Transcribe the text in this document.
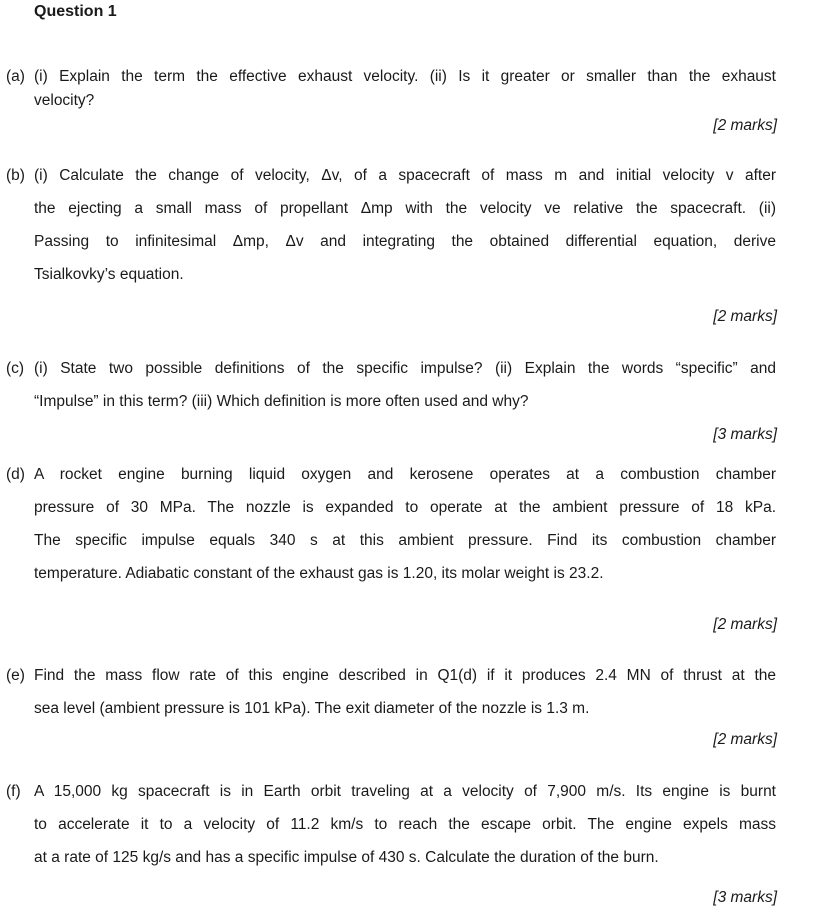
Question 1
(a) (i) Explain the term the effective exhaust velocity. (ii) Is it greater or smaller than the exhaust
velocity?
[2 marks]
(b) (i) Calculate the change of velocity, Δv, of a spacecraft of mass m and initial velocity v after
the ejecting a small mass of propellant Δmp with the velocity ve relative the spacecraft. (ii)
Passing to infinitesimal Δmp, Δv and integrating the obtained differential equation, derive
Tsialkovky’s equation.
[2 marks]
(c) (i) State two possible definitions of the specific impulse? (ii) Explain the words “specific” and
“Impulse” in this term? (iii) Which definition is more often used and why?
[3 marks]
(d) A rocket engine burning liquid oxygen and kerosene operates at a combustion chamber
pressure of 30 MPa. The nozzle is expanded to operate at the ambient pressure of 18 kPa.
The specific impulse equals 340 s at this ambient pressure. Find its combustion chamber
temperature. Adiabatic constant of the exhaust gas is 1.20, its molar weight is 23.2.
[2 marks]
(e) Find the mass flow rate of this engine described in Q1(d) if it produces 2.4 MN of thrust at the
sea level (ambient pressure is 101 kPa). The exit diameter of the nozzle is 1.3 m.
[2 marks]
(f) A 15,000 kg spacecraft is in Earth orbit traveling at a velocity of 7,900 m/s. Its engine is burnt
to accelerate it to a velocity of 11.2 km/s to reach the escape orbit. The engine expels mass
at a rate of 125 kg/s and has a specific impulse of 430 s. Calculate the duration of the burn.
[3 marks]
